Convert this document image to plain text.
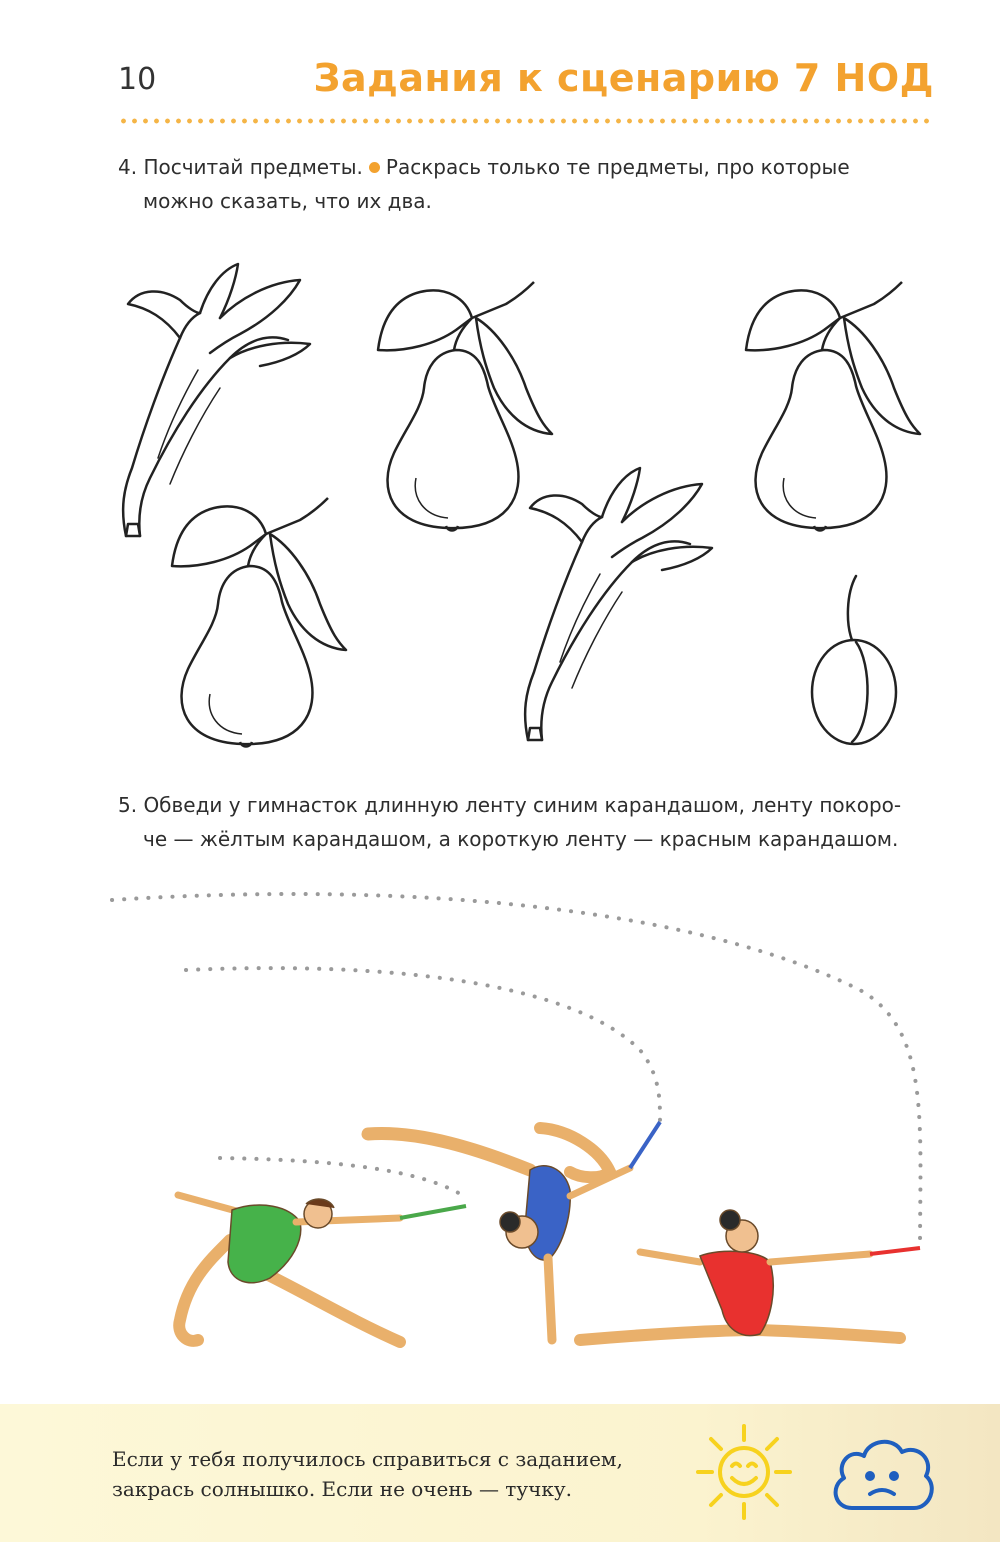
10	Задания к сценарию 7 НОД

4. Посчитай предметы. Раскрась только те предметы, про которые

можно сказать, что их два.

5. Обведи у гимнасток длинную ленту синим карандашом, ленту покоро-

че — жёлтым карандашом, а короткую ленту — красным карандашом.

Если у тебя получилось справиться с заданием,
закрась солнышко. Если не очень — тучку.
